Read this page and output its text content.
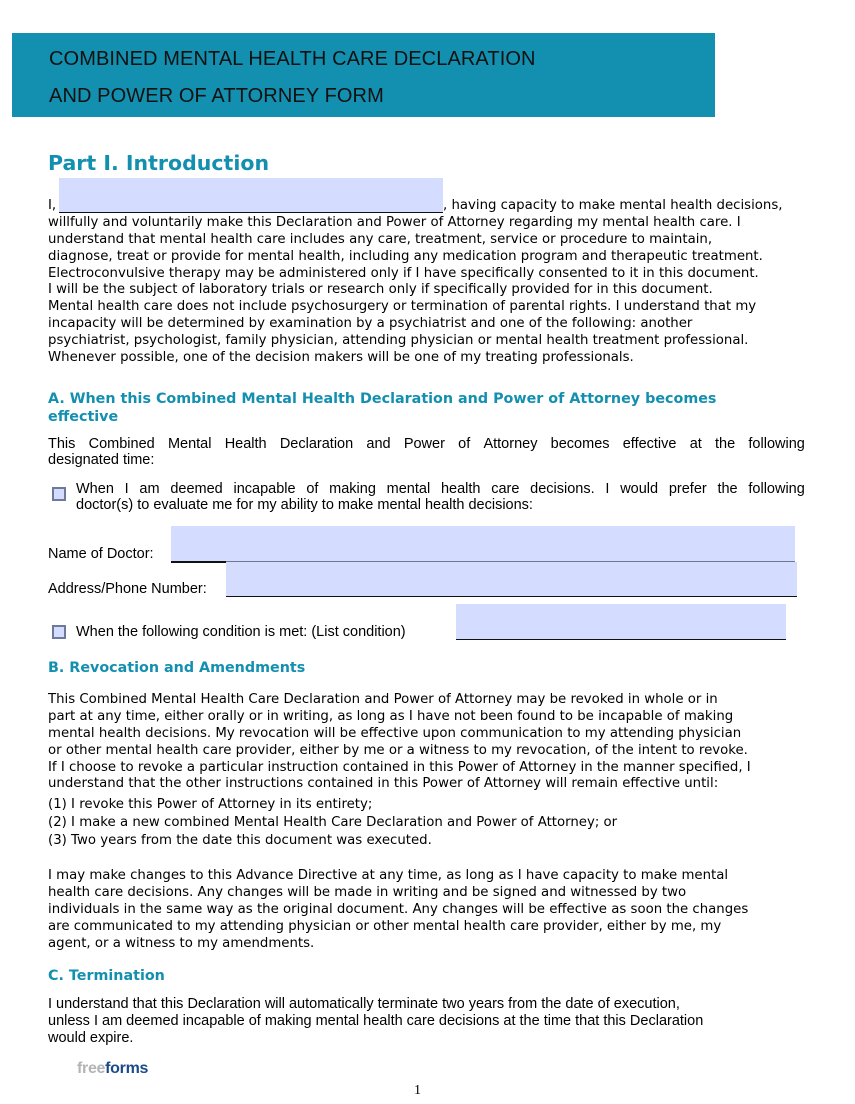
COMBINED MENTAL HEALTH CARE DECLARATION
AND POWER OF ATTORNEY FORM
Part I. Introduction
I,	, having capacity to make mental health decisions,
willfully and voluntarily make this Declaration and Power of Attorney regarding my mental health care. I
understand that mental health care includes any care, treatment, service or procedure to maintain,
diagnose, treat or provide for mental health, including any medication program and therapeutic treatment.
Electroconvulsive therapy may be administered only if I have specifically consented to it in this document.
I will be the subject of laboratory trials or research only if specifically provided for in this document.
Mental health care does not include psychosurgery or termination of parental rights. I understand that my
incapacity will be determined by examination by a psychiatrist and one of the following: another
psychiatrist, psychologist, family physician, attending physician or mental health treatment professional.
Whenever possible, one of the decision makers will be one of my treating professionals.
A. When this Combined Mental Health Declaration and Power of Attorney becomes
effective
This Combined Mental Health Declaration and Power of Attorney becomes effective at the following
designated time:
When I am deemed incapable of making mental health care decisions. I would prefer the following
doctor(s) to evaluate me for my ability to make mental health decisions:
Name of Doctor:
Address/Phone Number:
When the following condition is met: (List condition)
B. Revocation and Amendments
This Combined Mental Health Care Declaration and Power of Attorney may be revoked in whole or in
part at any time, either orally or in writing, as long as I have not been found to be incapable of making
mental health decisions. My revocation will be effective upon communication to my attending physician
or other mental health care provider, either by me or a witness to my revocation, of the intent to revoke.
If I choose to revoke a particular instruction contained in this Power of Attorney in the manner specified, I
understand that the other instructions contained in this Power of Attorney will remain effective until:
(1) I revoke this Power of Attorney in its entirety;
(2) I make a new combined Mental Health Care Declaration and Power of Attorney; or
(3) Two years from the date this document was executed.
I may make changes to this Advance Directive at any time, as long as I have capacity to make mental
health care decisions. Any changes will be made in writing and be signed and witnessed by two
individuals in the same way as the original document. Any changes will be effective as soon the changes
are communicated to my attending physician or other mental health care provider, either by me, my
agent, or a witness to my amendments.
C. Termination
I understand that this Declaration will automatically terminate two years from the date of execution,
unless I am deemed incapable of making mental health care decisions at the time that this Declaration
would expire.
freeforms
1
